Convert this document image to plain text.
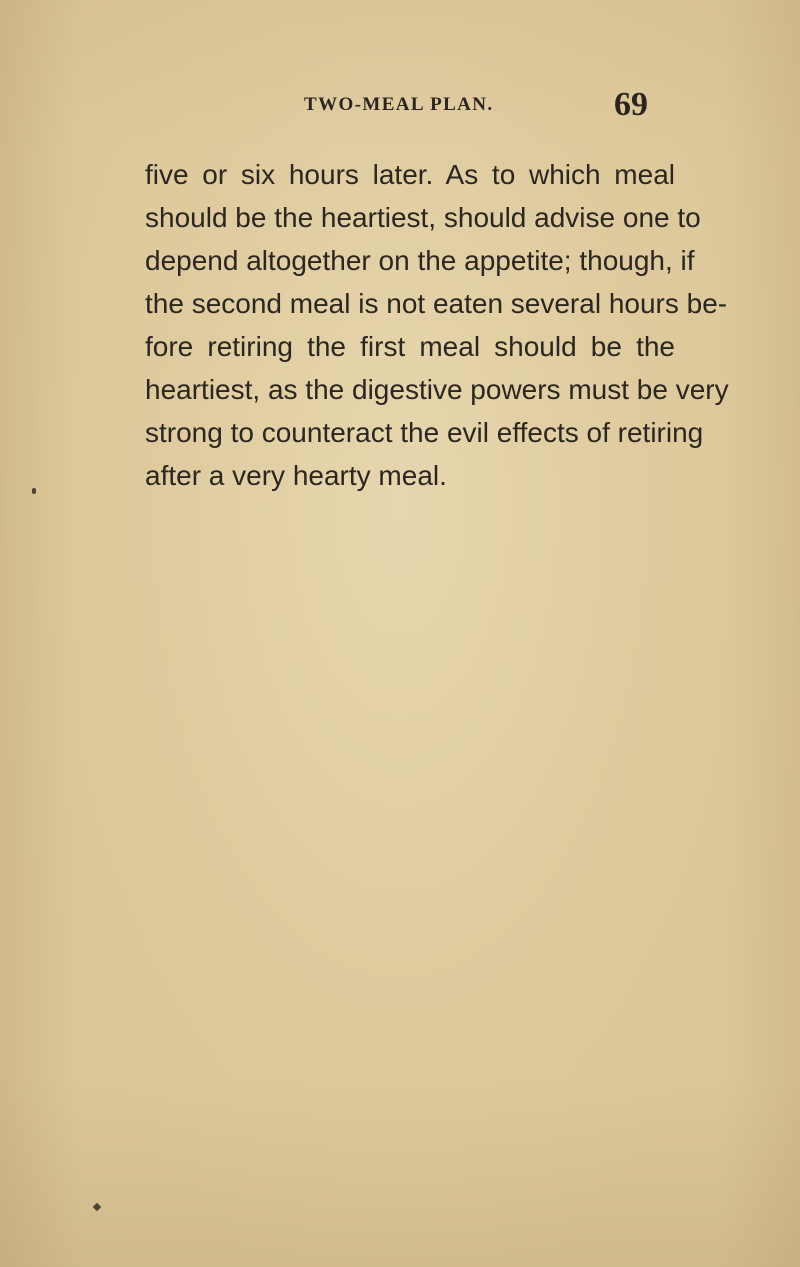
TWO-MEAL PLAN.	69
five or six hours later. As to which meal
should be the heartiest, should advise one to
depend altogether on the appetite; though, if
the second meal is not eaten several hours be-
fore retiring the first meal should be the
heartiest, as the digestive powers must be very
strong to counteract the evil effects of retiring
after a very hearty meal.
